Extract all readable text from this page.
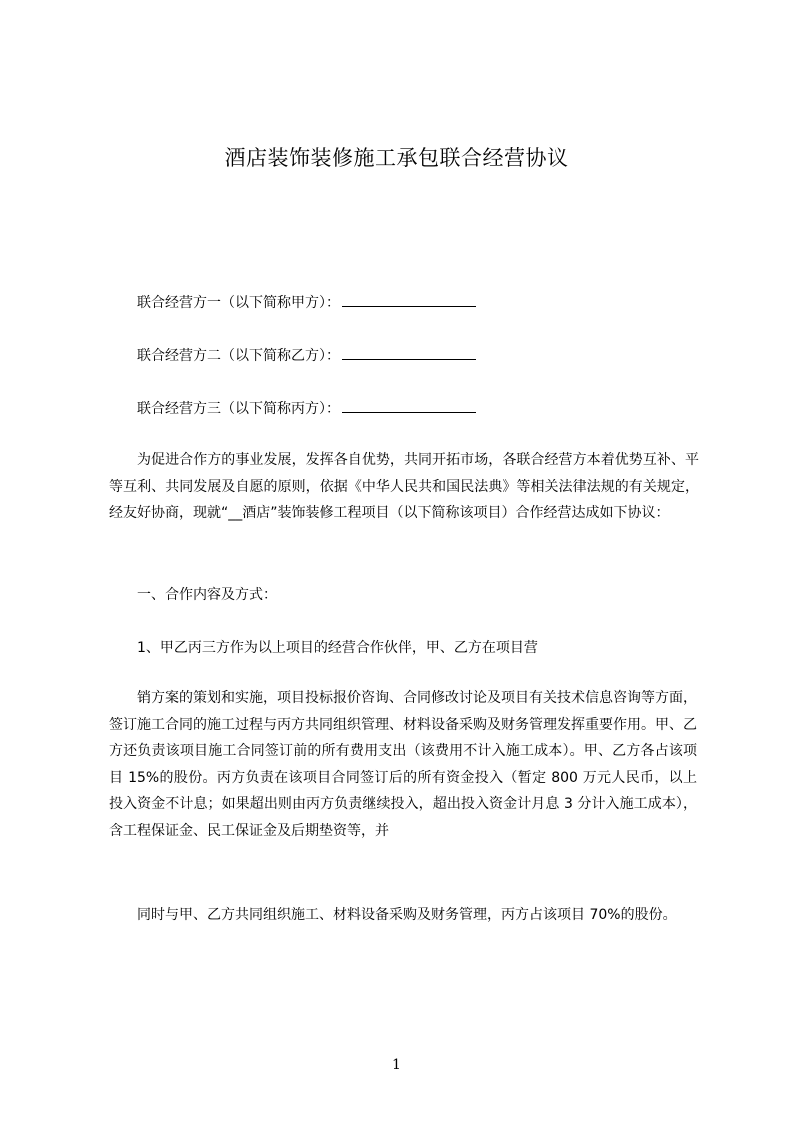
酒店装饰装修施工承包联合经营协议
联合经营方一（以下简称甲方）：
联合经营方二（以下简称乙方）：
联合经营方三（以下简称丙方）：
为促进合作方的事业发展，发挥各自优势，共同开拓市场，各联合经营方本着优势互补、平等互利、共同发展及自愿的原则，依据《中华人民共和国民法典》等相关法律法规的有关规定，经友好协商，现就“__酒店”装饰装修工程项目（以下简称该项目）合作经营达成如下协议：
一、合作内容及方式：
1、甲乙丙三方作为以上项目的经营合作伙伴，甲、乙方在项目营
销方案的策划和实施，项目投标报价咨询、合同修改讨论及项目有关技术信息咨询等方面，签订施工合同的施工过程与丙方共同组织管理、材料设备采购及财务管理发挥重要作用。甲、乙方还负责该项目施工合同签订前的所有费用支出（该费用不计入施工成本）。甲、乙方各占该项目 15%的股份。丙方负责在该项目合同签订后的所有资金投入（暂定 800 万元人民币，以上投入资金不计息；如果超出则由丙方负责继续投入，超出投入资金计月息 3 分计入施工成本），含工程保证金、民工保证金及后期垫资等，并
同时与甲、乙方共同组织施工、材料设备采购及财务管理，丙方占该项目 70%的股份。
1
